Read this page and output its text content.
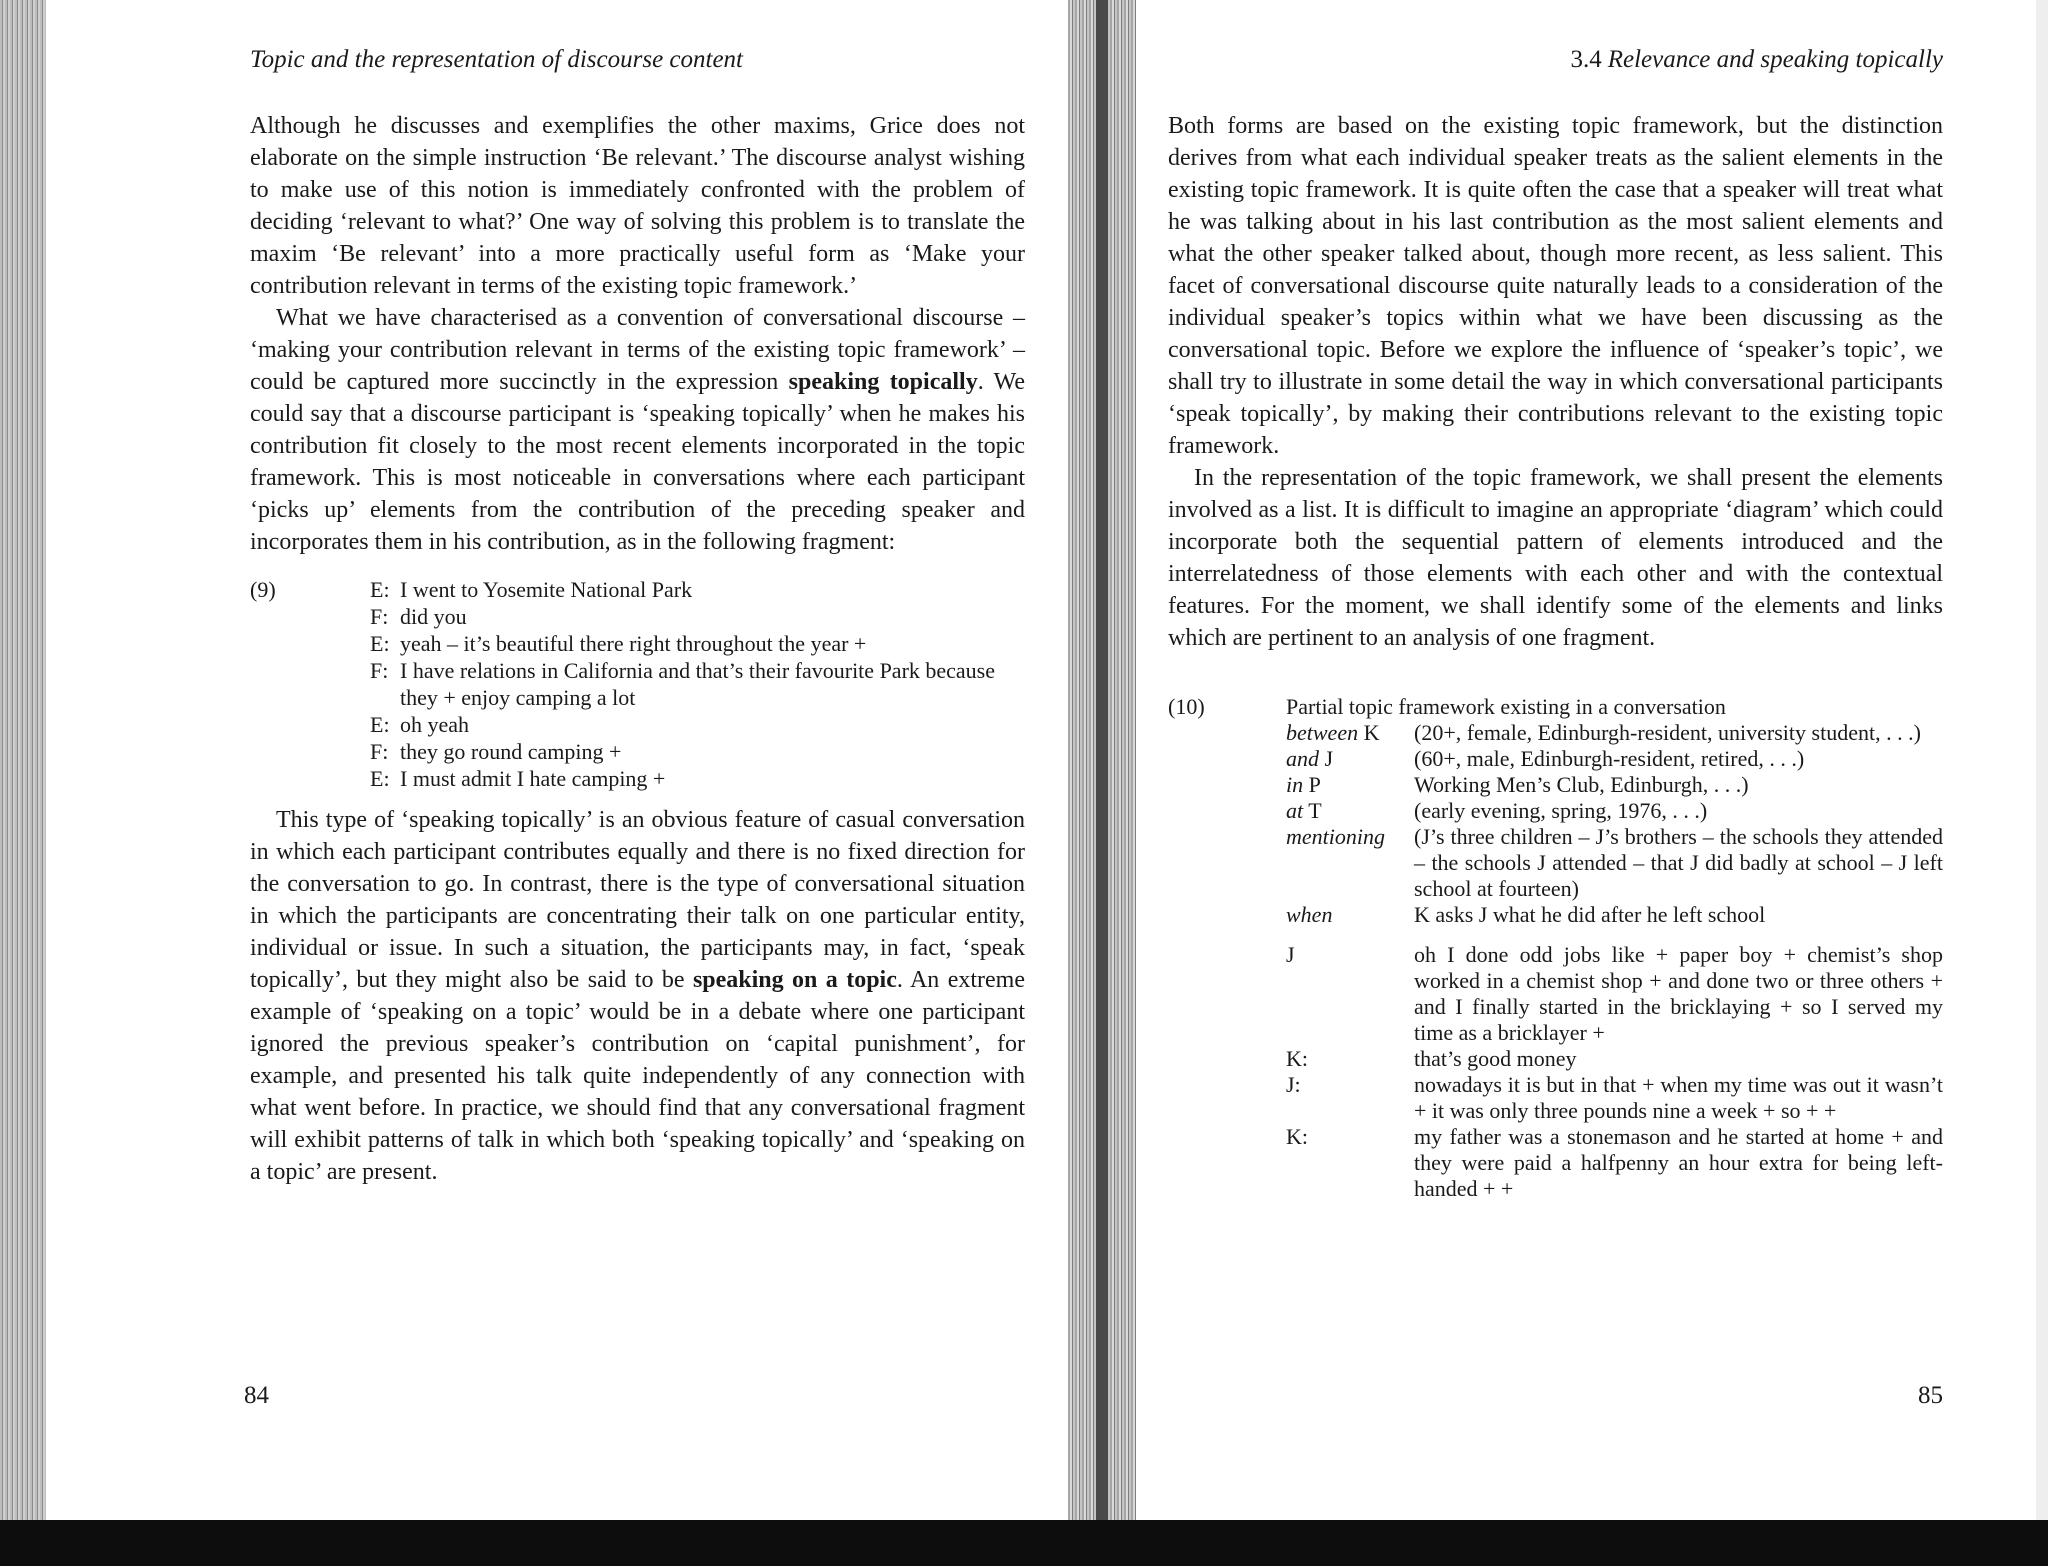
Topic and the representation of discourse content

Although he discusses and exemplifies the other maxims, Grice does not elaborate on the simple instruction ‘Be relevant.’ The discourse analyst wishing to make use of this notion is immediately confronted with the problem of deciding ‘relevant to what?’ One way of solving this problem is to translate the maxim ‘Be relevant’ into a more practically useful form as ‘Make your contribution relevant in terms of the existing topic framework.’

What we have characterised as a convention of conversational discourse – ‘making your contribution relevant in terms of the existing topic framework’ – could be captured more succinctly in the expression speaking topically. We could say that a discourse participant is ‘speaking topically’ when he makes his contribution fit closely to the most recent elements incorporated in the topic framework. This is most noticeable in conversations where each participant ‘picks up’ elements from the contribution of the preceding speaker and incorporates them in his contribution, as in the following fragment:

(9)	E: I went to Yosemite National Park
F: did you
E: yeah – it’s beautiful there right throughout the year +
F: I have relations in California and that’s their favourite Park because they + enjoy camping a lot
E: oh yeah
F: they go round camping +
E: I must admit I hate camping +

This type of ‘speaking topically’ is an obvious feature of casual conversation in which each participant contributes equally and there is no fixed direction for the conversation to go. In contrast, there is the type of conversational situation in which the participants are concentrating their talk on one particular entity, individual or issue. In such a situation, the participants may, in fact, ‘speak topically’, but they might also be said to be speaking on a topic. An extreme example of ‘speaking on a topic’ would be in a debate where one participant ignored the previous speaker’s contribution on ‘capital punishment’, for example, and presented his talk quite independently of any connection with what went before. In practice, we should find that any conversational fragment will exhibit patterns of talk in which both ‘speaking topically’ and ‘speaking on a topic’ are present.

84
3.4 Relevance and speaking topically

Both forms are based on the existing topic framework, but the distinction derives from what each individual speaker treats as the salient elements in the existing topic framework. It is quite often the case that a speaker will treat what he was talking about in his last contribution as the most salient elements and what the other speaker talked about, though more recent, as less salient. This facet of conversational discourse quite naturally leads to a consideration of the individual speaker’s topics within what we have been discussing as the conversational topic. Before we explore the influence of ‘speaker’s topic’, we shall try to illustrate in some detail the way in which conversational participants ‘speak topically’, by making their contributions relevant to the existing topic framework.

In the representation of the topic framework, we shall present the elements involved as a list. It is difficult to imagine an appropriate ‘diagram’ which could incorporate both the sequential pattern of elements introduced and the interrelatedness of those elements with each other and with the contextual features. For the moment, we shall identify some of the elements and links which are pertinent to an analysis of one fragment.

(10)	Partial topic framework existing in a conversation
between K	(20+, female, Edinburgh-resident, university student, . . .)
and J	(60+, male, Edinburgh-resident, retired, . . .)
in P	Working Men’s Club, Edinburgh, . . .)
at T	(early evening, spring, 1976, . . .)
mentioning	(J’s three children – J’s brothers – the schools they attended – the schools J attended – that J did badly at school – J left school at fourteen)
when	K asks J what he did after he left school
J	oh I done odd jobs like + paper boy + chemist’s shop worked in a chemist shop + and done two or three others + and I finally started in the bricklaying + so I served my time as a bricklayer +
K:	that’s good money
J:	nowadays it is but in that + when my time was out it wasn’t + it was only three pounds nine a week + so + +
K:	my father was a stonemason and he started at home + and they were paid a halfpenny an hour extra for being left-handed + +
85
